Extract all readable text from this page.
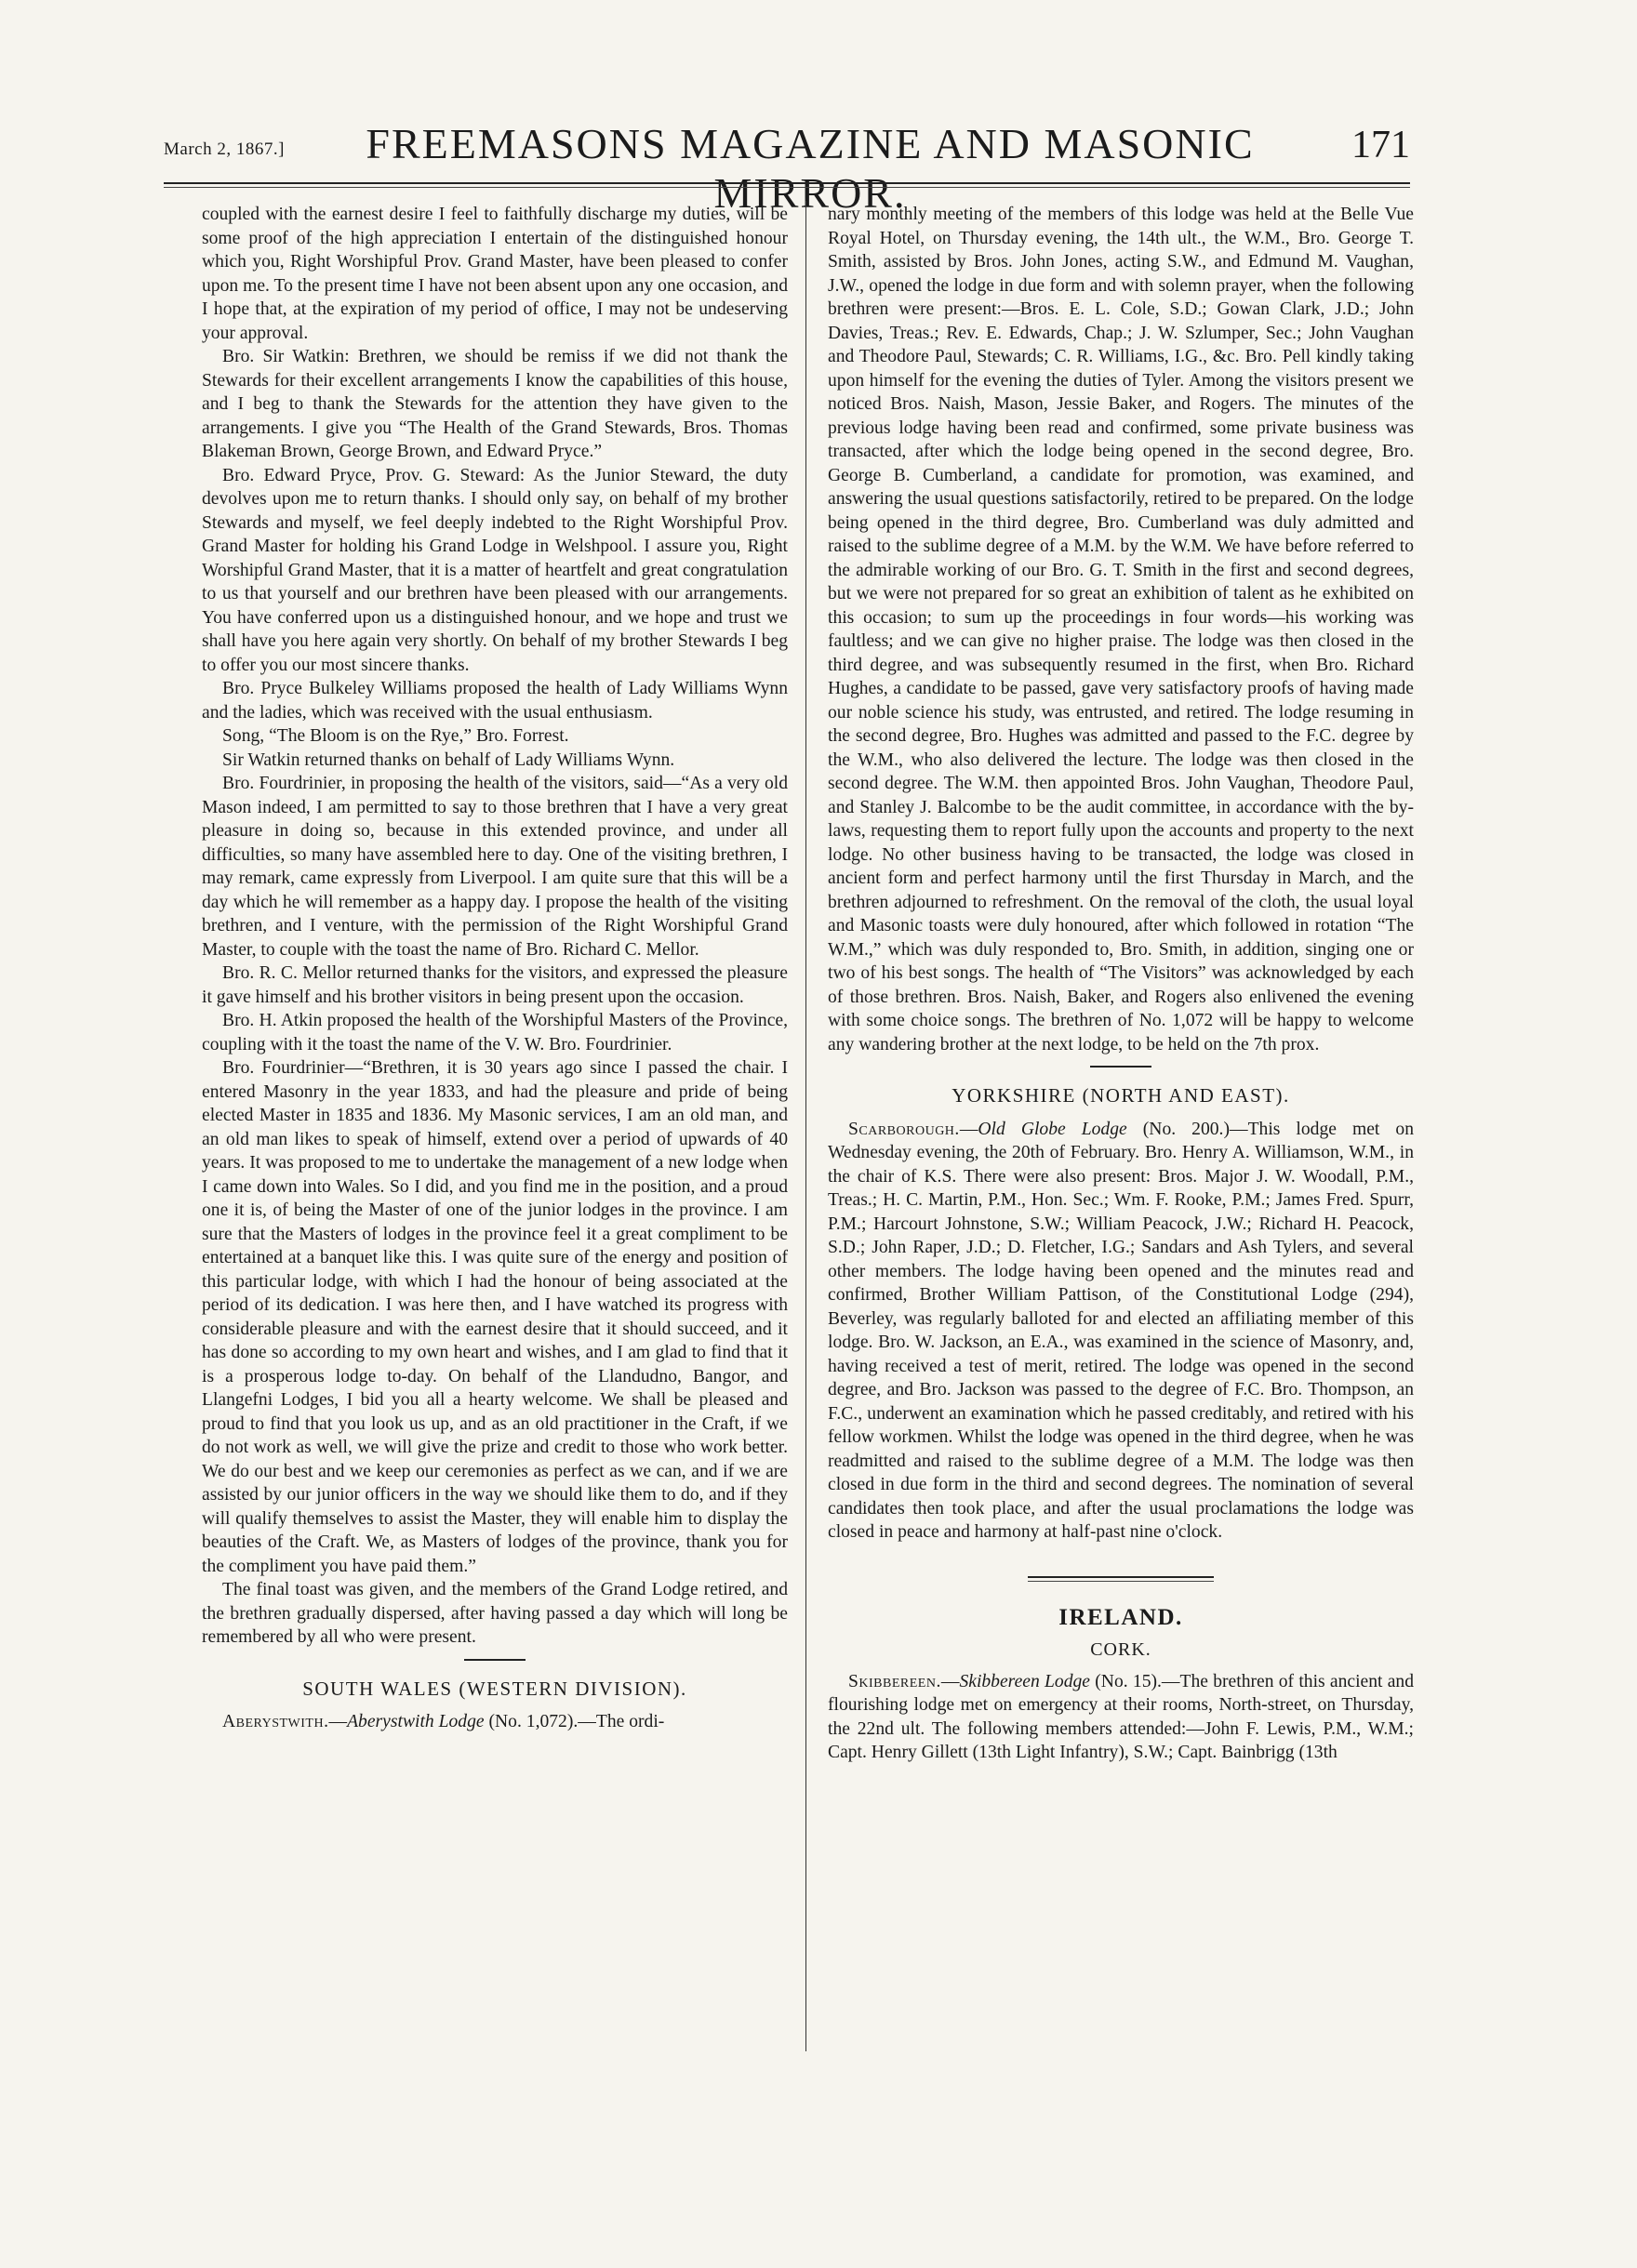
March 2, 1867.]	FREEMASONS MAGAZINE AND MASONIC MIRROR.
171

coupled with the earnest desire I feel to faithfully discharge my duties, will be some proof of the high appreciation I entertain of the distinguished honour which you, Right Worshipful Prov. Grand Master, have been pleased to confer upon me. To the present time I have not been absent upon any one occasion, and I hope that, at the expiration of my period of office, I may not be undeserving your approval.

Bro. Sir Watkin: Brethren, we should be remiss if we did not thank the Stewards for their excellent arrangements I know the capabilities of this house, and I beg to thank the Stewards for the attention they have given to the arrangements. I give you “The Health of the Grand Stewards, Bros. Thomas Blakeman Brown, George Brown, and Edward Pryce.”

Bro. Edward Pryce, Prov. G. Steward: As the Junior Steward, the duty devolves upon me to return thanks. I should only say, on behalf of my brother Stewards and myself, we feel deeply indebted to the Right Worshipful Prov. Grand Master for holding his Grand Lodge in Welshpool. I assure you, Right Worshipful Grand Master, that it is a matter of heartfelt and great congratulation to us that yourself and our brethren have been pleased with our arrangements. You have conferred upon us a distinguished honour, and we hope and trust we shall have you here again very shortly. On behalf of my brother Stewards I beg to offer you our most sincere thanks.

Bro. Pryce Bulkeley Williams proposed the health of Lady Williams Wynn and the ladies, which was received with the usual enthusiasm.

Song, “The Bloom is on the Rye,” Bro. Forrest.

Sir Watkin returned thanks on behalf of Lady Williams Wynn.

Bro. Fourdrinier, in proposing the health of the visitors, said—“As a very old Mason indeed, I am permitted to say to those brethren that I have a very great pleasure in doing so, because in this extended province, and under all difficulties, so many have assembled here to day. One of the visiting brethren, I may remark, came expressly from Liverpool. I am quite sure that this will be a day which he will remember as a happy day. I propose the health of the visiting brethren, and I venture, with the permission of the Right Worshipful Grand Master, to couple with the toast the name of Bro. Richard C. Mellor.

Bro. R. C. Mellor returned thanks for the visitors, and expressed the pleasure it gave himself and his brother visitors in being present upon the occasion.

Bro. H. Atkin proposed the health of the Worshipful Masters of the Province, coupling with it the toast the name of the V. W. Bro. Fourdrinier.

Bro. Fourdrinier—“Brethren, it is 30 years ago since I passed the chair. I entered Masonry in the year 1833, and had the pleasure and pride of being elected Master in 1835 and 1836. My Masonic services, I am an old man, and an old man likes to speak of himself, extend over a period of upwards of 40 years. It was proposed to me to undertake the management of a new lodge when I came down into Wales. So I did, and you find me in the position, and a proud one it is, of being the Master of one of the junior lodges in the province. I am sure that the Masters of lodges in the province feel it a great compliment to be entertained at a banquet like this. I was quite sure of the energy and position of this particular lodge, with which I had the honour of being associated at the period of its dedication. I was here then, and I have watched its progress with considerable pleasure and with the earnest desire that it should succeed, and it has done so according to my own heart and wishes, and I am glad to find that it is a prosperous lodge to-day. On behalf of the Llandudno, Bangor, and Llangefni Lodges, I bid you all a hearty welcome. We shall be pleased and proud to find that you look us up, and as an old practitioner in the Craft, if we do not work as well, we will give the prize and credit to those who work better. We do our best and we keep our ceremonies as perfect as we can, and if we are assisted by our junior officers in the way we should like them to do, and if they will qualify themselves to assist the Master, they will enable him to display the beauties of the Craft. We, as Masters of lodges of the province, thank you for the compliment you have paid them.”

The final toast was given, and the members of the Grand Lodge retired, and the brethren gradually dispersed, after having passed a day which will long be remembered by all who were present.

SOUTH WALES (WESTERN DIVISION).

Aberystwith.—Aberystwith Lodge (No. 1,072).—The ordi-

nary monthly meeting of the members of this lodge was held at the Belle Vue Royal Hotel, on Thursday evening, the 14th ult., the W.M., Bro. George T. Smith, assisted by Bros. John Jones, acting S.W., and Edmund M. Vaughan, J.W., opened the lodge in due form and with solemn prayer, when the following brethren were present:—Bros. E. L. Cole, S.D.; Gowan Clark, J.D.; John Davies, Treas.; Rev. E. Edwards, Chap.; J. W. Szlumper, Sec.; John Vaughan and Theodore Paul, Stewards; C. R. Williams, I.G., &c. Bro. Pell kindly taking upon himself for the evening the duties of Tyler. Among the visitors present we noticed Bros. Naish, Mason, Jessie Baker, and Rogers. The minutes of the previous lodge having been read and confirmed, some private business was transacted, after which the lodge being opened in the second degree, Bro. George B. Cumberland, a candidate for promotion, was examined, and answering the usual questions satisfactorily, retired to be prepared. On the lodge being opened in the third degree, Bro. Cumberland was duly admitted and raised to the sublime degree of a M.M. by the W.M. We have before referred to the admirable working of our Bro. G. T. Smith in the first and second degrees, but we were not prepared for so great an exhibition of talent as he exhibited on this occasion; to sum up the proceedings in four words—his working was faultless; and we can give no higher praise. The lodge was then closed in the third degree, and was subsequently resumed in the first, when Bro. Richard Hughes, a candidate to be passed, gave very satisfactory proofs of having made our noble science his study, was entrusted, and retired. The lodge resuming in the second degree, Bro. Hughes was admitted and passed to the F.C. degree by the W.M., who also delivered the lecture. The lodge was then closed in the second degree. The W.M. then appointed Bros. John Vaughan, Theodore Paul, and Stanley J. Balcombe to be the audit committee, in accordance with the by-laws, requesting them to report fully upon the accounts and property to the next lodge. No other business having to be transacted, the lodge was closed in ancient form and perfect harmony until the first Thursday in March, and the brethren adjourned to refreshment. On the removal of the cloth, the usual loyal and Masonic toasts were duly honoured, after which followed in rotation “The W.M.,” which was duly responded to, Bro. Smith, in addition, singing one or two of his best songs. The health of “The Visitors” was acknowledged by each of those brethren. Bros. Naish, Baker, and Rogers also enlivened the evening with some choice songs. The brethren of No. 1,072 will be happy to welcome any wandering brother at the next lodge, to be held on the 7th prox.

YORKSHIRE (NORTH AND EAST).

Scarborough.—Old Globe Lodge (No. 200.)—This lodge met on Wednesday evening, the 20th of February. Bro. Henry A. Williamson, W.M., in the chair of K.S. There were also present: Bros. Major J. W. Woodall, P.M., Treas.; H. C. Martin, P.M., Hon. Sec.; Wm. F. Rooke, P.M.; James Fred. Spurr, P.M.; Harcourt Johnstone, S.W.; William Peacock, J.W.; Richard H. Peacock, S.D.; John Raper, J.D.; D. Fletcher, I.G.; Sandars and Ash Tylers, and several other members. The lodge having been opened and the minutes read and confirmed, Brother William Pattison, of the Constitutional Lodge (294), Beverley, was regularly balloted for and elected an affiliating member of this lodge. Bro. W. Jackson, an E.A., was examined in the science of Masonry, and, having received a test of merit, retired. The lodge was opened in the second degree, and Bro. Jackson was passed to the degree of F.C. Bro. Thompson, an F.C., underwent an examination which he passed creditably, and retired with his fellow workmen. Whilst the lodge was opened in the third degree, when he was readmitted and raised to the sublime degree of a M.M. The lodge was then closed in due form in the third and second degrees. The nomination of several candidates then took place, and after the usual proclamations the lodge was closed in peace and harmony at half-past nine o'clock.

IRELAND.
CORK.

Skibbereen.—Skibbereen Lodge (No. 15).—The brethren of this ancient and flourishing lodge met on emergency at their rooms, North-street, on Thursday, the 22nd ult. The following members attended:—John F. Lewis, P.M., W.M.; Capt. Henry Gillett (13th Light Infantry), S.W.; Capt. Bainbrigg (13th
